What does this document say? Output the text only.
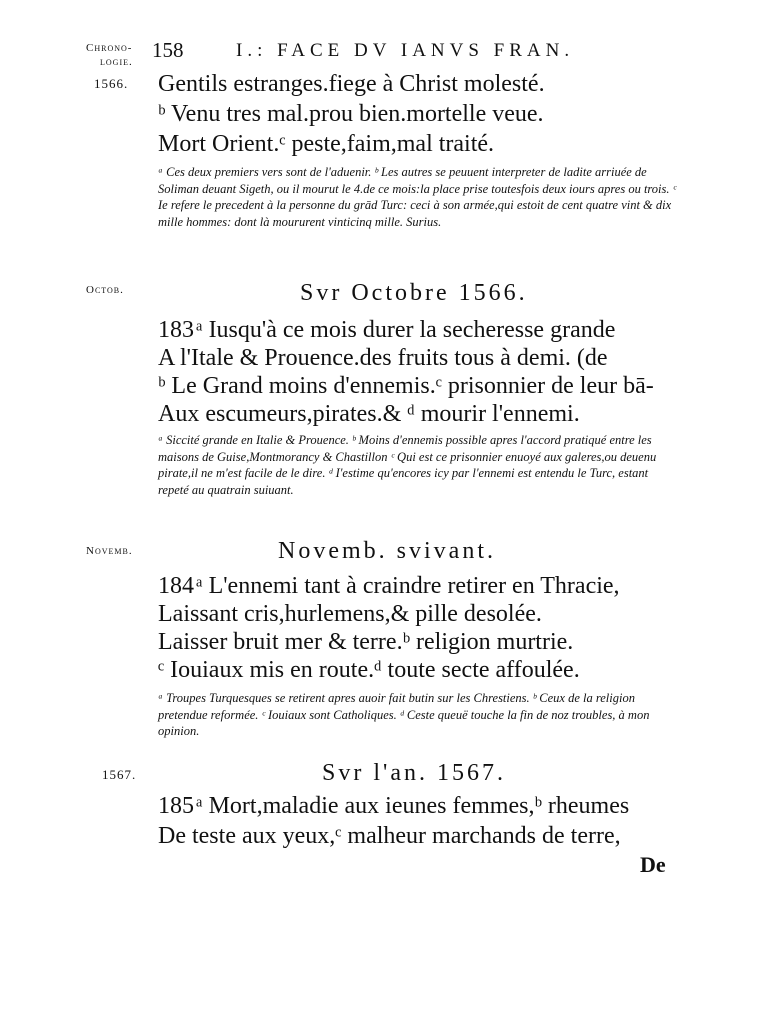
Chrono-
logie.
1566.
Octob.
Novemb.
1567.
158	I.: FACE DV IANVS FRAN.
Gentils estranges.fiege à Christ molesté.
ᵇ Venu tres mal.prou bien.mortelle veue.
Mort Orient.ᶜ peste,faim,mal traité.
ᵃ Ces deux premiers vers sont de l'aduenir. ᵇ Les autres se peuuent interpreter de ladite arriuée de Soliman deuant Sigeth, ou il mourut le 4.de ce mois:la place prise toutesfois deux iours apres ou trois. ᶜ Ie refere le precedent à la personne du grād Turc: ceci à son armée,qui estoit de cent quatre vint & dix mille hommes: dont là moururent vinticinq mille. Surius.
Svr Octobre 1566.
183 ᵃ Iusqu'à ce mois durer la secheresse grande
A l'Itale & Prouence.des fruits tous à demi. (de
ᵇ Le Grand moins d'ennemis.ᶜ prisonnier de leur bā-
Aux escumeurs,pirates.& ᵈ mourir l'ennemi.
ᵃ Siccité grande en Italie & Prouence. ᵇ Moins d'ennemis possible apres l'accord pratiqué entre les maisons de Guise,Montmorancy & Chastillon ᶜ Qui est ce prisonnier enuoyé aux galeres,ou deuenu pirate,il ne m'est facile de le dire. ᵈ I'estime qu'encores icy par l'ennemi est entendu le Turc, estant repeté au quatrain suiuant.
Novemb. svivant.
184 ᵃ L'ennemi tant à craindre retirer en Thracie,
Laissant cris,hurlemens,& pille desolée.
Laisser bruit mer & terre.ᵇ religion murtrie.
ᶜ Iouiaux mis en route.ᵈ toute secte affoulée.
ᵃ Troupes Turquesques se retirent apres auoir fait butin sur les Chrestiens. ᵇ Ceux de la religion pretendue reformée. ᶜ Iouiaux sont Catholiques. ᵈ Ceste queuë touche la fin de noz troubles, à mon opinion.
Svr l'an. 1567.
185 ᵃ Mort,maladie aux ieunes femmes,ᵇ rheumes
De teste aux yeux,ᶜ malheur marchands de terre,
De
